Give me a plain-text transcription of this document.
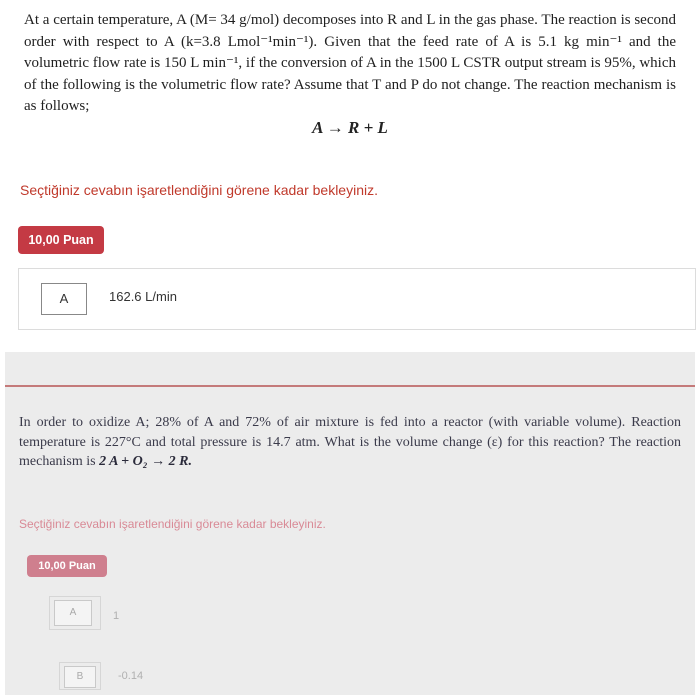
At a certain temperature, A (M= 34 g/mol) decomposes into R and L in the gas phase. The reaction is second order with respect to A (k=3.8 Lmol⁻¹min⁻¹). Given that the feed rate of A is 5.1 kg min⁻¹ and the volumetric flow rate is 150 L min⁻¹, if the conversion of A in the 1500 L CSTR output stream is 95%, which of the following is the volumetric flow rate? Assume that T and P do not change. The reaction mechanism is as follows;
A → R + L
Seçtiğiniz cevabın işaretlendiğini görene kadar bekleyiniz.
10,00 Puan
A	162.6 L/min
In order to oxidize A; 28% of A and 72% of air mixture is fed into a reactor (with variable volume). Reaction temperature is 227°C and total pressure is 14.7 atm. What is the volume change (ε) for this reaction? The reaction mechanism is 2 A + O₂ → 2 R.
Seçtiğiniz cevabın işaretlendiğini görene kadar bekleyiniz.
10,00 Puan
A	1
B	-0.14
